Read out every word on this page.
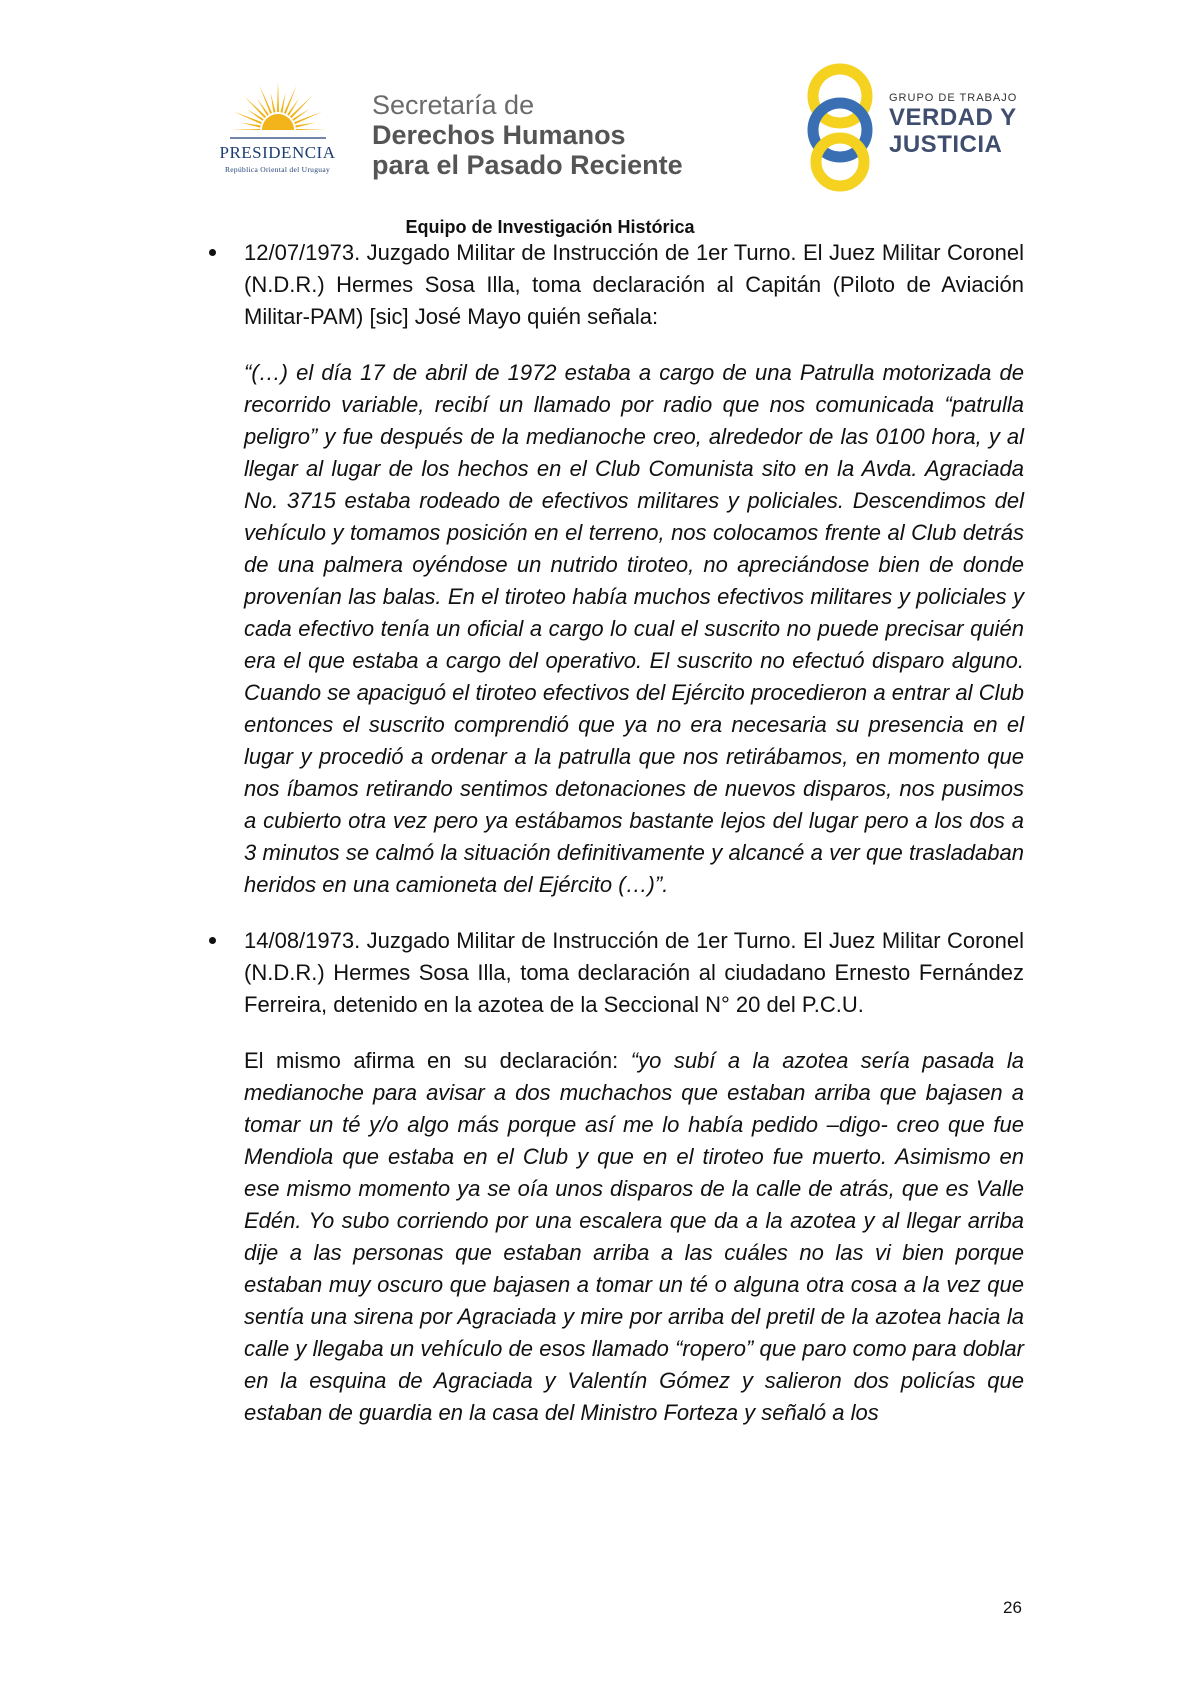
PRESIDENCIA
República Oriental del Uruguay
Secretaría de
Derechos Humanos
para el Pasado Reciente
GRUPO DE TRABAJO
VERDAD Y
JUSTICIA
Equipo de Investigación Histórica

12/07/1973. Juzgado Militar de Instrucción de 1er Turno. El Juez Militar Coronel (N.D.R.) Hermes Sosa Illa, toma declaración al Capitán (Piloto de Aviación Militar-PAM) [sic] José Mayo quién señala:

“(…) el día 17 de abril de 1972 estaba a cargo de una Patrulla motorizada de recorrido variable, recibí un llamado por radio que nos comunicada “patrulla peligro” y fue después de la medianoche creo, alrededor de las 0100 hora, y al llegar al lugar de los hechos en el Club Comunista sito en la Avda. Agraciada No. 3715 estaba rodeado de efectivos militares y policiales. Descendimos del vehículo y tomamos posición en el terreno, nos colocamos frente al Club detrás de una palmera oyéndose un nutrido tiroteo, no apreciándose bien de donde provenían las balas. En el tiroteo había muchos efectivos militares y policiales y cada efectivo tenía un oficial a cargo lo cual el suscrito no puede precisar quién era el que estaba a cargo del operativo. El suscrito no efectuó disparo alguno. Cuando se apaciguó el tiroteo efectivos del Ejército procedieron a entrar al Club entonces el suscrito comprendió que ya no era necesaria su presencia en el lugar y procedió a ordenar a la patrulla que nos retirábamos, en momento que nos íbamos retirando sentimos detonaciones de nuevos disparos, nos pusimos a cubierto otra vez pero ya estábamos bastante lejos del lugar pero a los dos a 3 minutos se calmó la situación definitivamente y alcancé a ver que trasladaban heridos en una camioneta del Ejército (…)”.

14/08/1973. Juzgado Militar de Instrucción de 1er Turno. El Juez Militar Coronel (N.D.R.) Hermes Sosa Illa, toma declaración al ciudadano Ernesto Fernández Ferreira, detenido en la azotea de la Seccional N° 20 del P.C.U.

El mismo afirma en su declaración: “yo subí a la azotea sería pasada la medianoche para avisar a dos muchachos que estaban arriba que bajasen a tomar un té y/o algo más porque así me lo había pedido –digo- creo que fue Mendiola que estaba en el Club y que en el tiroteo fue muerto. Asimismo en ese mismo momento ya se oía unos disparos de la calle de atrás, que es Valle Edén. Yo subo corriendo por una escalera que da a la azotea y al llegar arriba dije a las personas que estaban arriba a las cuáles no las vi bien porque estaban muy oscuro que bajasen a tomar un té o alguna otra cosa a la vez que sentía una sirena por Agraciada y mire por arriba del pretil de la azotea hacia la calle y llegaba un vehículo de esos llamado “ropero” que paro como para doblar en la esquina de Agraciada y Valentín Gómez y salieron dos policías que estaban de guardia en la casa del Ministro Forteza y señaló a los

26
